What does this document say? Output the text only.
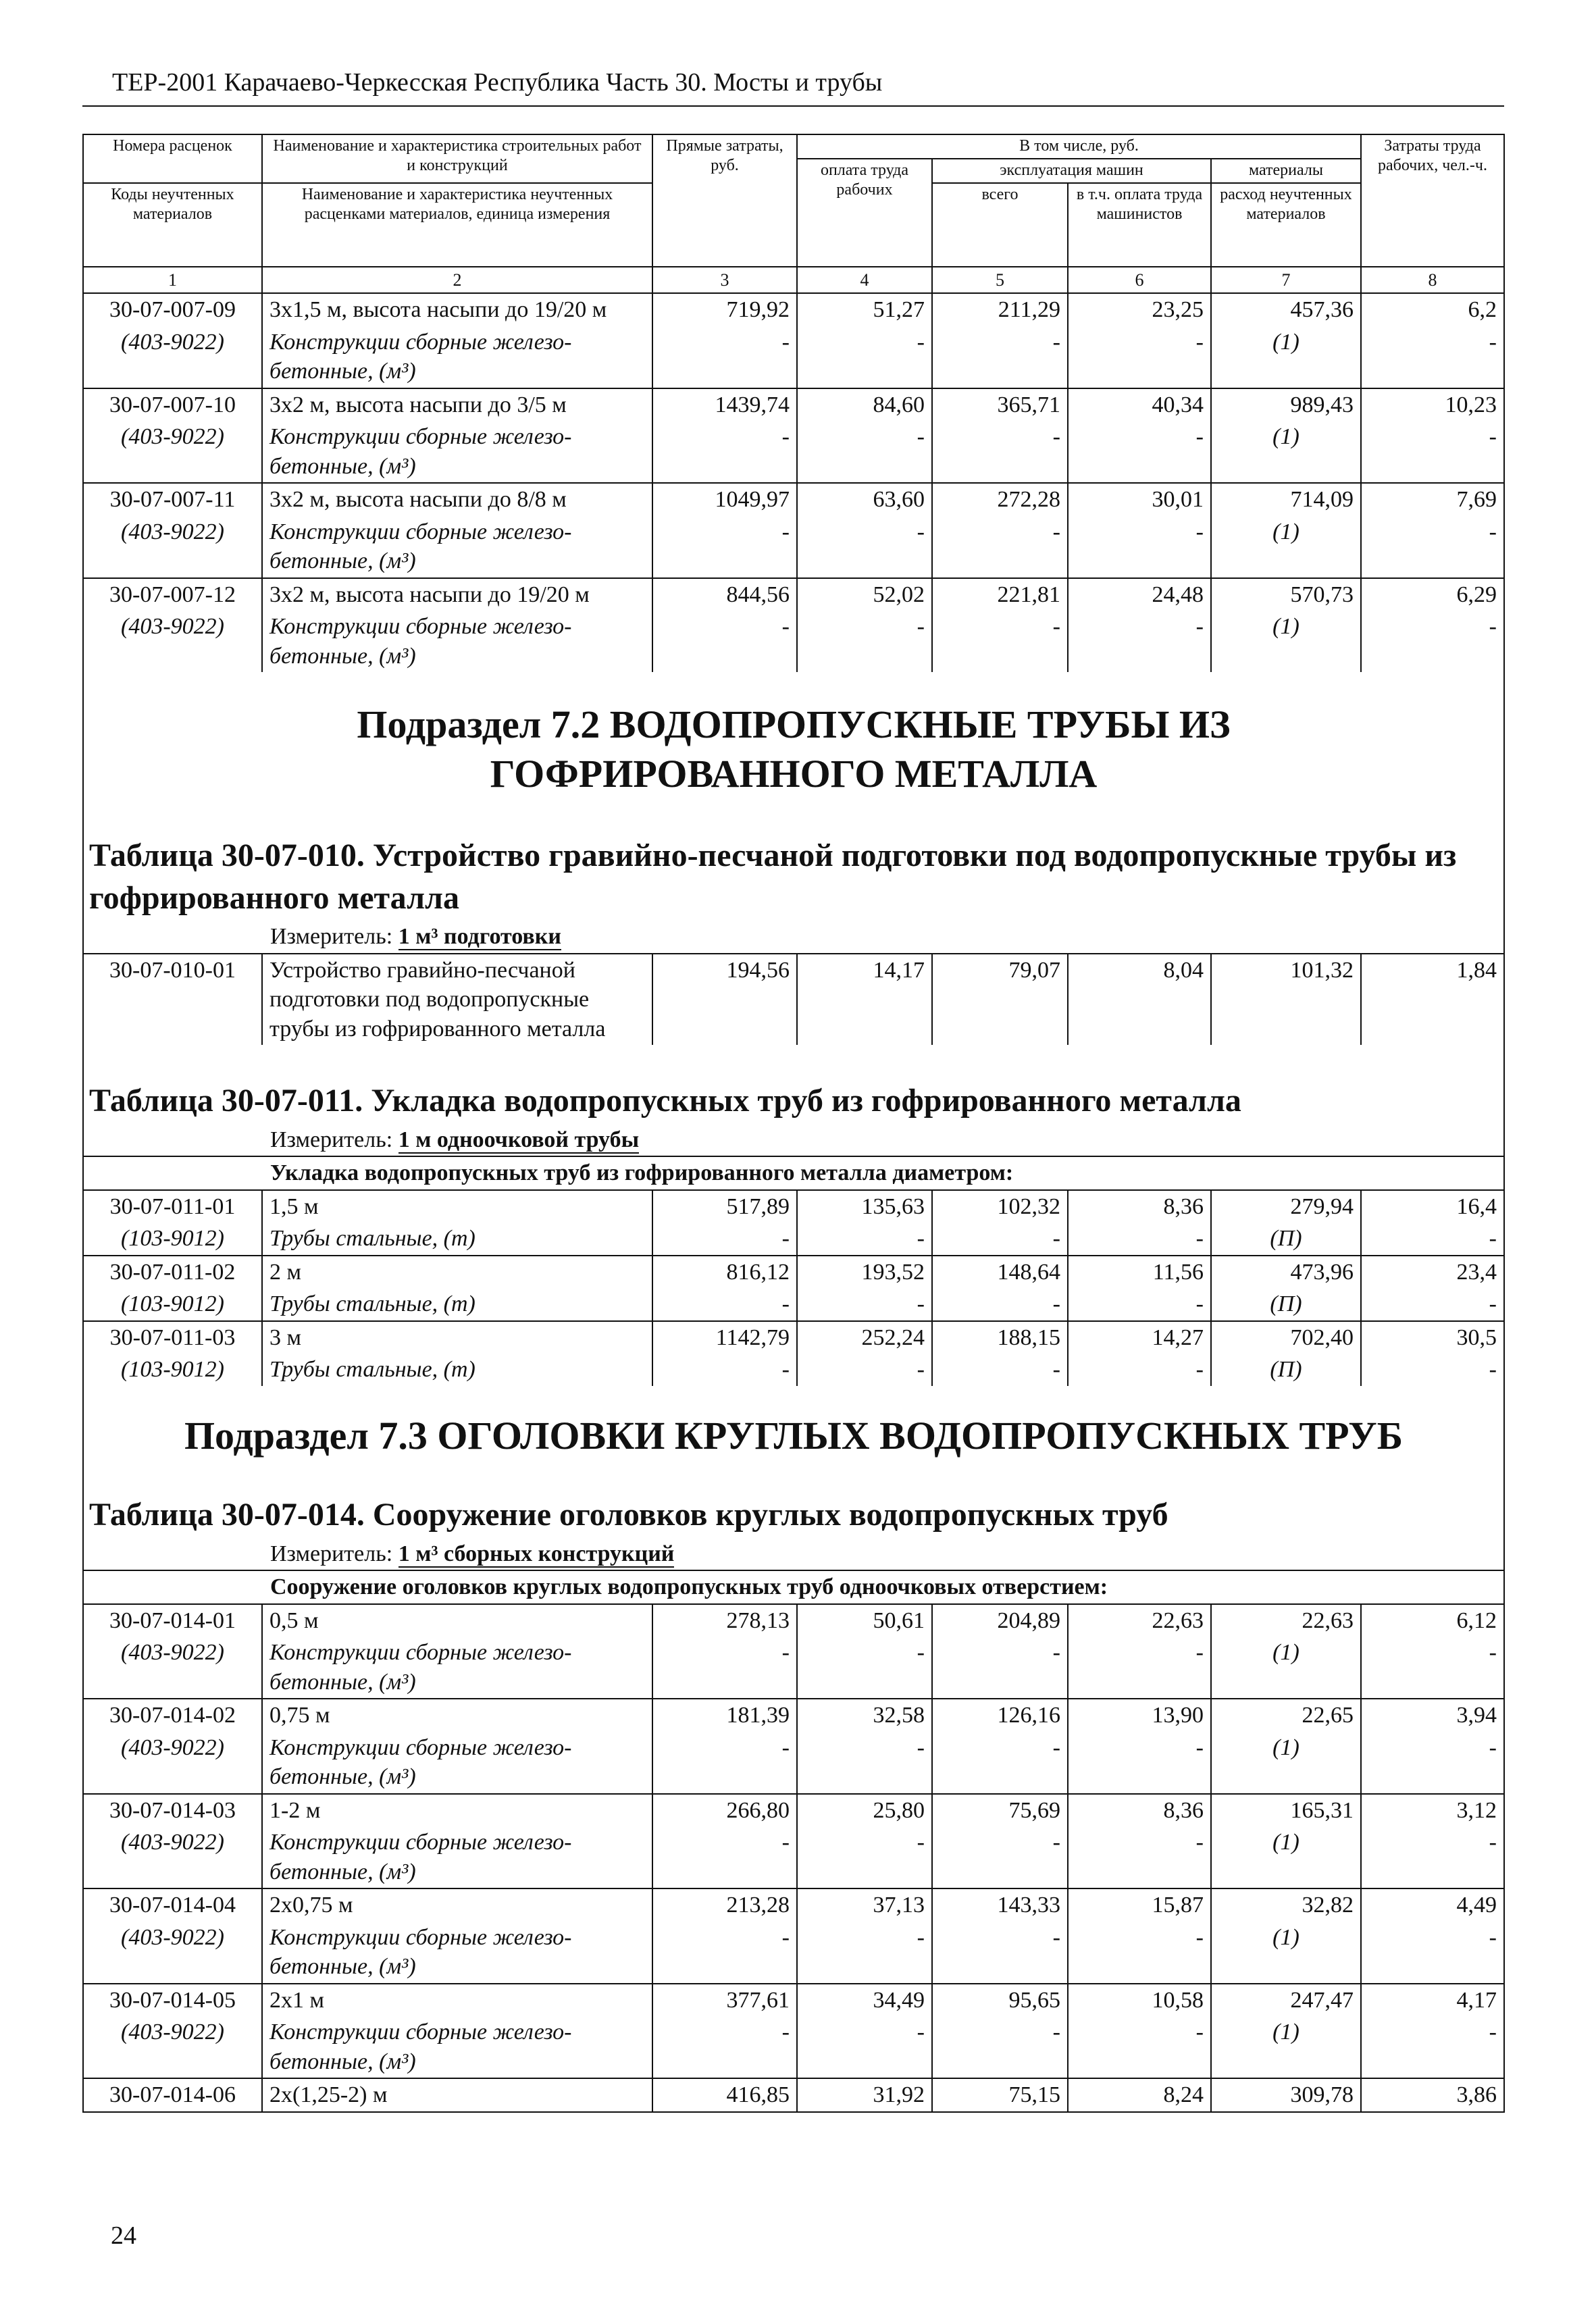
ТЕР-2001 Карачаево-Черкесская Республика Часть 30. Мосты и трубы
Номера расценок	Наименование и характеристика строительных работ и конструкций	Прямые затраты, руб.	В том числе, руб.				Затраты труда рабочих, чел.-ч.
			оплата труда рабочих	эксплуатация машин		материалы	
Коды неучтенных материалов	Наименование и характеристика неучтенных расценками материалов, единица измерения			всего	в т.ч. оплата труда машинистов	расход неучтенных материалов	

1	2	3	4	5	6	7	8
30-07-007-09	3х1,5 м, высота насыпи до 19/20 м	719,92	51,27	211,29	23,25	457,36	6,2
(403-9022)	Конструкции сборные железо-бетонные, (м³)	-	-	-	-	(1)	-
30-07-007-10	3х2 м, высота насыпи до 3/5 м	1439,74	84,60	365,71	40,34	989,43	10,23
(403-9022)	Конструкции сборные железо-бетонные, (м³)	-	-	-	-	(1)	-
30-07-007-11	3х2 м, высота насыпи до 8/8 м	1049,97	63,60	272,28	30,01	714,09	7,69
(403-9022)	Конструкции сборные железо-бетонные, (м³)	-	-	-	-	(1)	-
30-07-007-12	3х2 м, высота насыпи до 19/20 м	844,56	52,02	221,81	24,48	570,73	6,29
(403-9022)	Конструкции сборные железо-бетонные, (м³)	-	-	-	-	(1)	-

Подраздел 7.2 ВОДОПРОПУСКНЫЕ ТРУБЫ ИЗ ГОФРИРОВАННОГО МЕТАЛЛА							

Таблица 30-07-010. Устройство гравийно-песчаной подготовки под водопропускные трубы из гофрированного металла							
Измеритель: 1 м³ подготовки							
30-07-010-01	Устройство гравийно-песчаной подготовки под водопропускные трубы из гофрированного металла	194,56	14,17	79,07	8,04	101,32	1,84

Таблица 30-07-011. Укладка водопропускных труб из гофрированного металла							
Измеритель: 1 м одноочковой трубы							
Укладка водопропускных труб из гофрированного металла диаметром:							
30-07-011-01	1,5 м	517,89	135,63	102,32	8,36	279,94	16,4
(103-9012)	Трубы стальные, (т)	-	-	-	-	(П)	-
30-07-011-02	2 м	816,12	193,52	148,64	11,56	473,96	23,4
(103-9012)	Трубы стальные, (т)	-	-	-	-	(П)	-
30-07-011-03	3 м	1142,79	252,24	188,15	14,27	702,40	30,5
(103-9012)	Трубы стальные, (т)	-	-	-	-	(П)	-

Подраздел 7.3 ОГОЛОВКИ КРУГЛЫХ ВОДОПРОПУСКНЫХ ТРУБ							

Таблица 30-07-014. Сооружение оголовков круглых водопропускных труб							
Измеритель: 1 м³ сборных конструкций							
Сооружение оголовков круглых водопропускных труб одноочковых отверстием:							
30-07-014-01	0,5 м	278,13	50,61	204,89	22,63	22,63	6,12
(403-9022)	Конструкции сборные железо-бетонные, (м³)	-	-	-	-	(1)	-
30-07-014-02	0,75 м	181,39	32,58	126,16	13,90	22,65	3,94
(403-9022)	Конструкции сборные железо-бетонные, (м³)	-	-	-	-	(1)	-
30-07-014-03	1-2 м	266,80	25,80	75,69	8,36	165,31	3,12
(403-9022)	Конструкции сборные железо-бетонные, (м³)	-	-	-	-	(1)	-
30-07-014-04	2х0,75 м	213,28	37,13	143,33	15,87	32,82	4,49
(403-9022)	Конструкции сборные железо-бетонные, (м³)	-	-	-	-	(1)	-
30-07-014-05	2х1 м	377,61	34,49	95,65	10,58	247,47	4,17
(403-9022)	Конструкции сборные железо-бетонные, (м³)	-	-	-	-	(1)	-
30-07-014-06	2х(1,25-2) м	416,85	31,92	75,15	8,24	309,78	3,86
24
